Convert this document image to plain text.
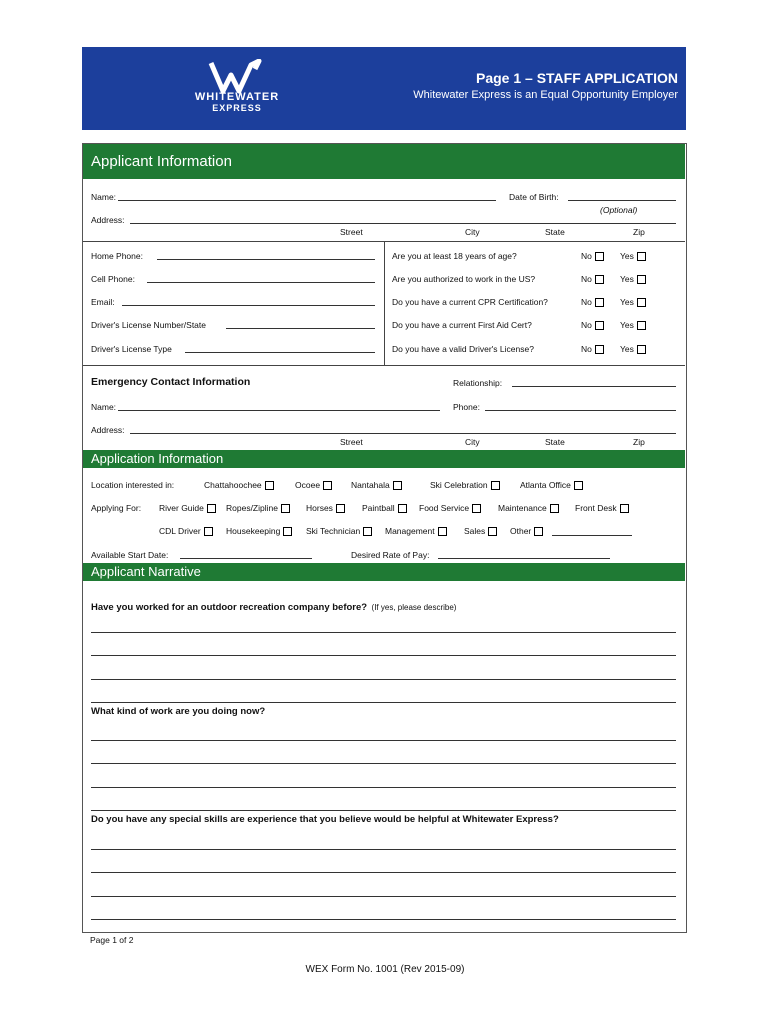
WHITEWATER
EXPRESS
Page 1 – STAFF APPLICATION
Whitewater Express is an Equal Opportunity Employer
Applicant Information
Name:	Date of Birth:
(Optional)
Address:
Street	City	State	Zip
Home Phone:
Cell Phone:
Email:
Driver's License Number/State
Driver's License Type
Are you at least 18 years of age?	No	Yes
Are you authorized to work in the US?	No	Yes
Do you have a current CPR Certification?	No	Yes
Do you have a current First Aid Cert?	No	Yes
Do you have a valid Driver's License?	No	Yes
Emergency Contact Information	Relationship:
Name:	Phone:
Address:
Street	City	State	Zip
Application Information
Location interested in:	Chattahoochee	Ocoee	Nantahala	Ski Celebration	Atlanta Office
Applying For: River Guide	Ropes/Zipline	Horses	Paintball	Food Service	Maintenance	Front Desk
CDL Driver	Housekeeping	Ski Technician	Management	Sales	Other
Available Start Date:	Desired Rate of Pay:
Applicant Narrative
Have you worked for an outdoor recreation company before? (If yes, please describe)
What kind of work are you doing now?
Do you have any special skills are experience that you believe would be helpful at Whitewater Express?
Page 1 of 2
WEX Form No. 1001 (Rev 2015-09)
